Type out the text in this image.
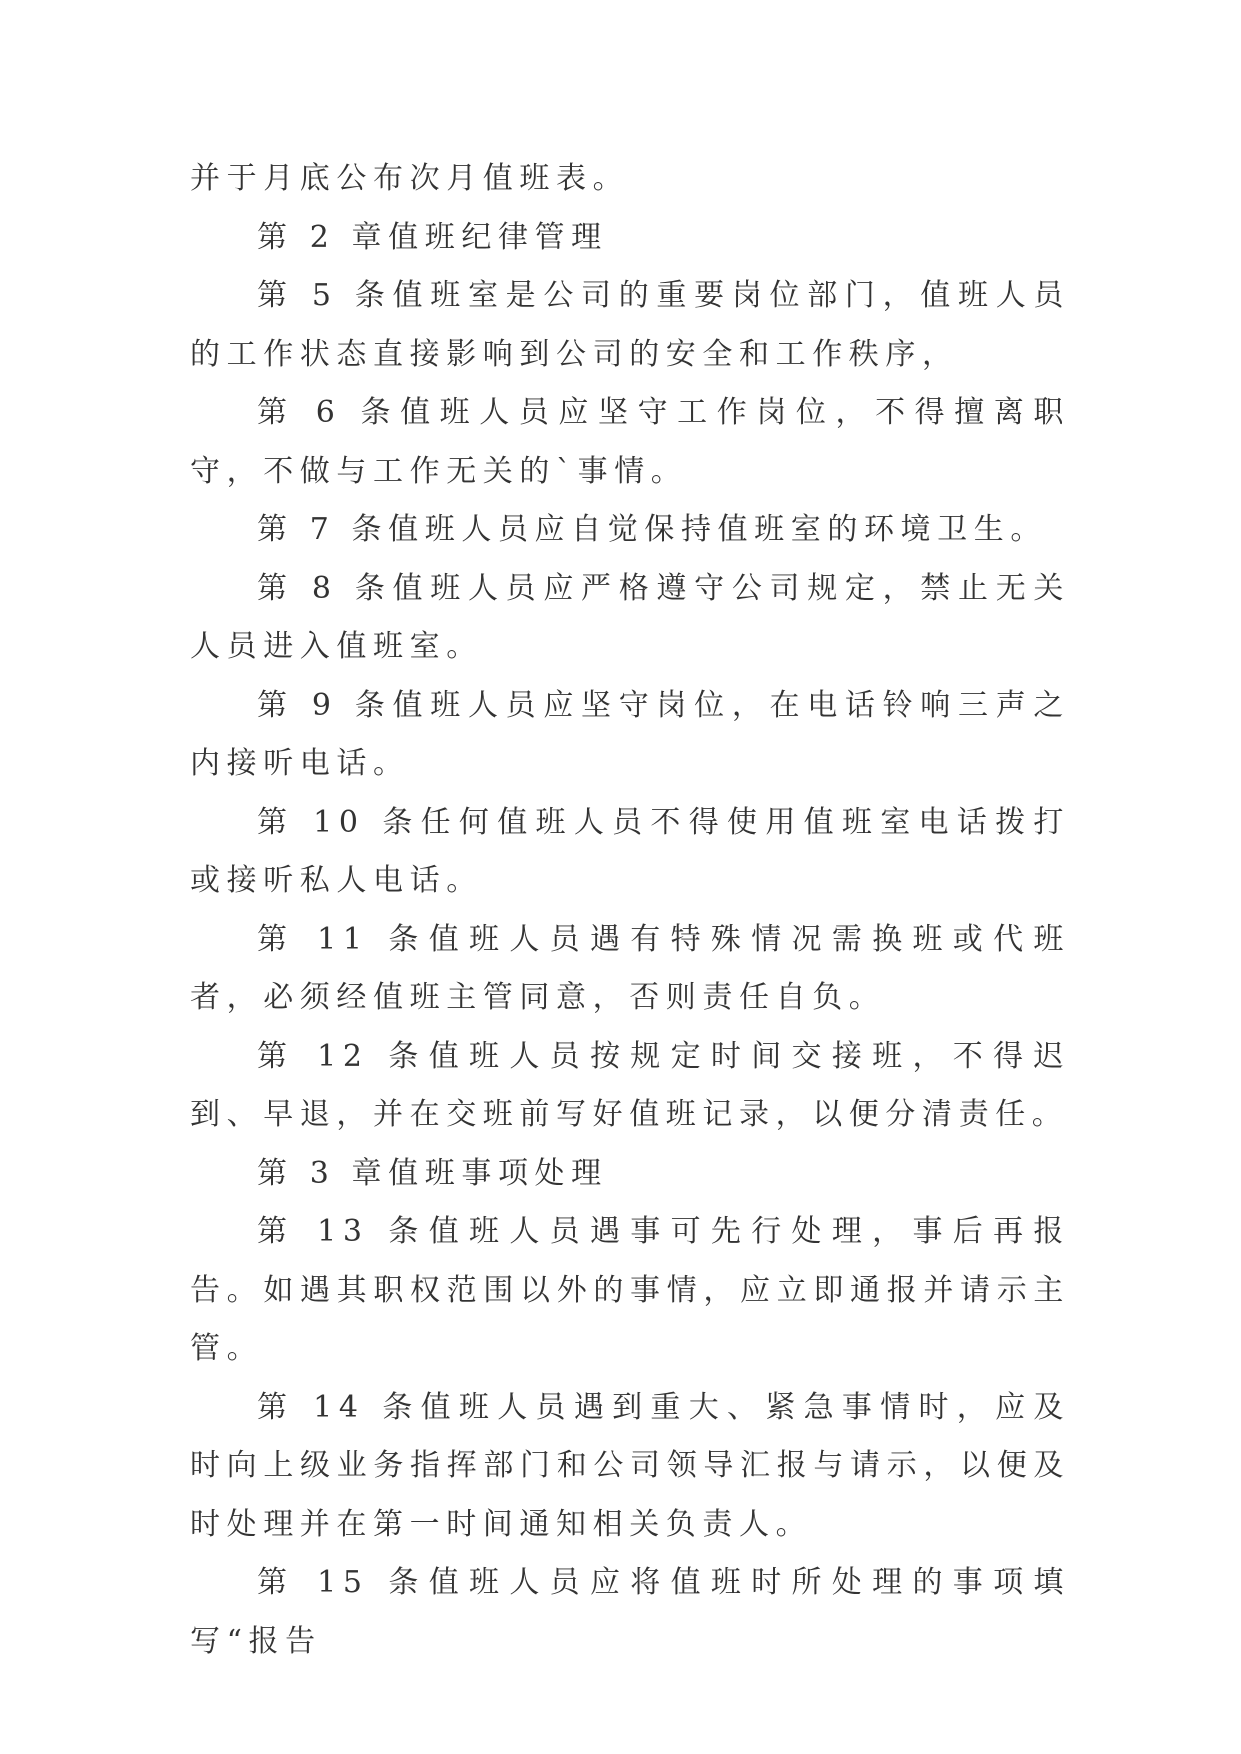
并于月底公布次月值班表。

第 2 章值班纪律管理

第 5 条值班室是公司的重要岗位部门，值班人员的工作状态直接影响到公司的安全和工作秩序，

第 6 条值班人员应坚守工作岗位，不得擅离职守，不做与工作无关的`事情。

第 7 条值班人员应自觉保持值班室的环境卫生。

第 8 条值班人员应严格遵守公司规定，禁止无关人员进入值班室。

第 9 条值班人员应坚守岗位，在电话铃响三声之内接听电话。

第 10 条任何值班人员不得使用值班室电话拨打或接听私人电话。

第 11 条值班人员遇有特殊情况需换班或代班者，必须经值班主管同意，否则责任自负。

第 12 条值班人员按规定时间交接班，不得迟到、早退，并在交班前写好值班记录，以便分清责任。

第 3 章值班事项处理

第 13 条值班人员遇事可先行处理，事后再报告。如遇其职权范围以外的事情，应立即通报并请示主管。

第 14 条值班人员遇到重大、紧急事情时，应及时向上级业务指挥部门和公司领导汇报与请示，以便及时处理并在第一时间通知相关负责人。

第 15 条值班人员应将值班时所处理的事项填写“报告
